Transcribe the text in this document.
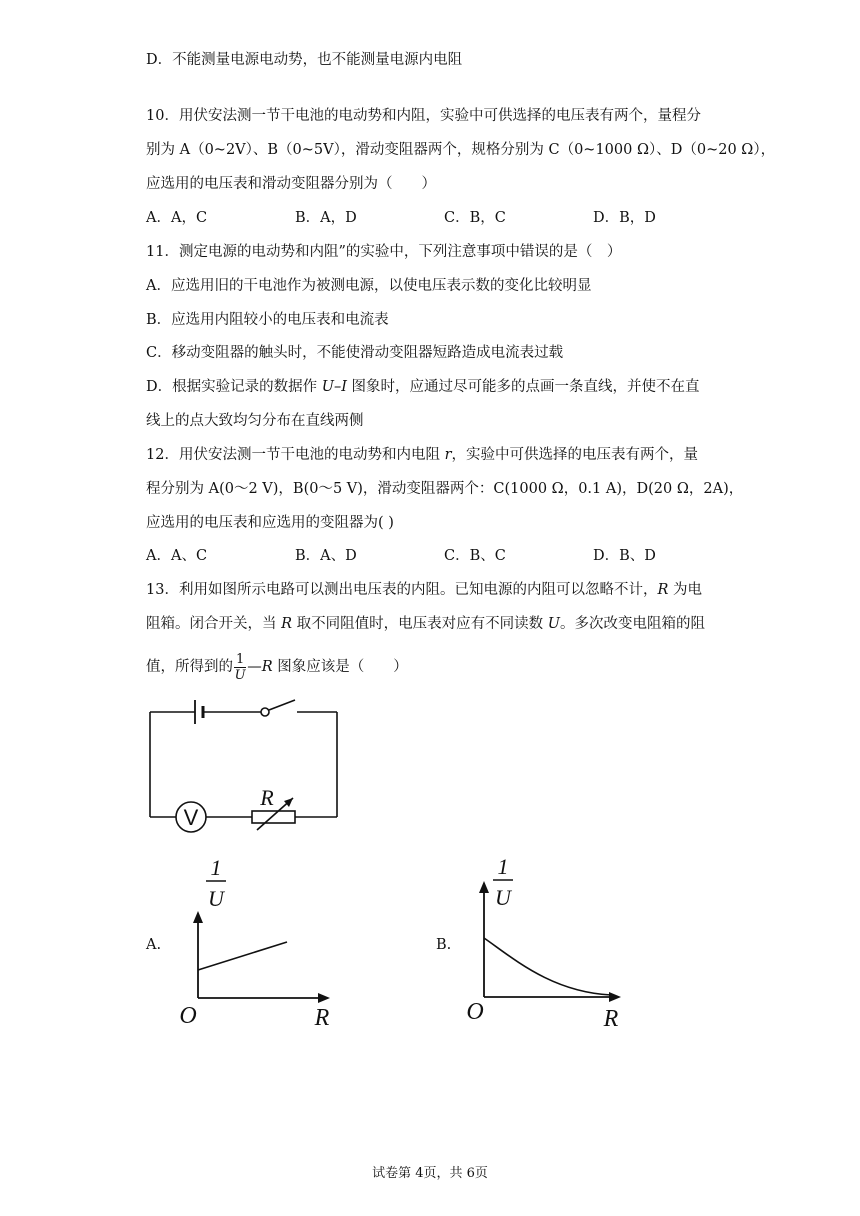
D．不能测量电源电动势，也不能测量电源内电阻
10．用伏安法测一节干电池的电动势和内阻，实验中可供选择的电压表有两个，量程分
别为 A（0~2V）、B（0~5V），滑动变阻器两个，规格分别为 C（0~1000 Ω）、D（0~20 Ω），
应选用的电压表和滑动变阻器分别为（　　）
A．A，C	B．A，D	C．B，C	D．B，D
11．测定电源的电动势和内阻”的实验中，下列注意事项中错误的是（　）
A．应选用旧的干电池作为被测电源，以使电压表示数的变化比较明显
B．应选用内阻较小的电压表和电流表
C．移动变阻器的触头时，不能使滑动变阻器短路造成电流表过载
D．根据实验记录的数据作 U–I 图象时，应通过尽可能多的点画一条直线，并使不在直
线上的点大致均匀分布在直线两侧
12．用伏安法测一节干电池的电动势和内电阻 r，实验中可供选择的电压表有两个，量
程分别为 A(0～2 V)，B(0～5 V)，滑动变阻器两个：C(1000 Ω，0.1 A)，D(20 Ω，2A)，
应选用的电压表和应选用的变阻器为( )
A．A、C	B．A、D	C．B、C	D．B、D
13．利用如图所示电路可以测出电压表的内阻。已知电源的内阻可以忽略不计，R 为电
阻箱。闭合开关，当 R 取不同阻值时，电压表对应有不同读数 U。多次改变电阻箱的阻
值，所得到的 $\frac{1}{U}$ —R 图象应该是（　　）
V
R
A.
1
U
O	R
B.
1
U
O	R
试卷第 4页，共 6页
